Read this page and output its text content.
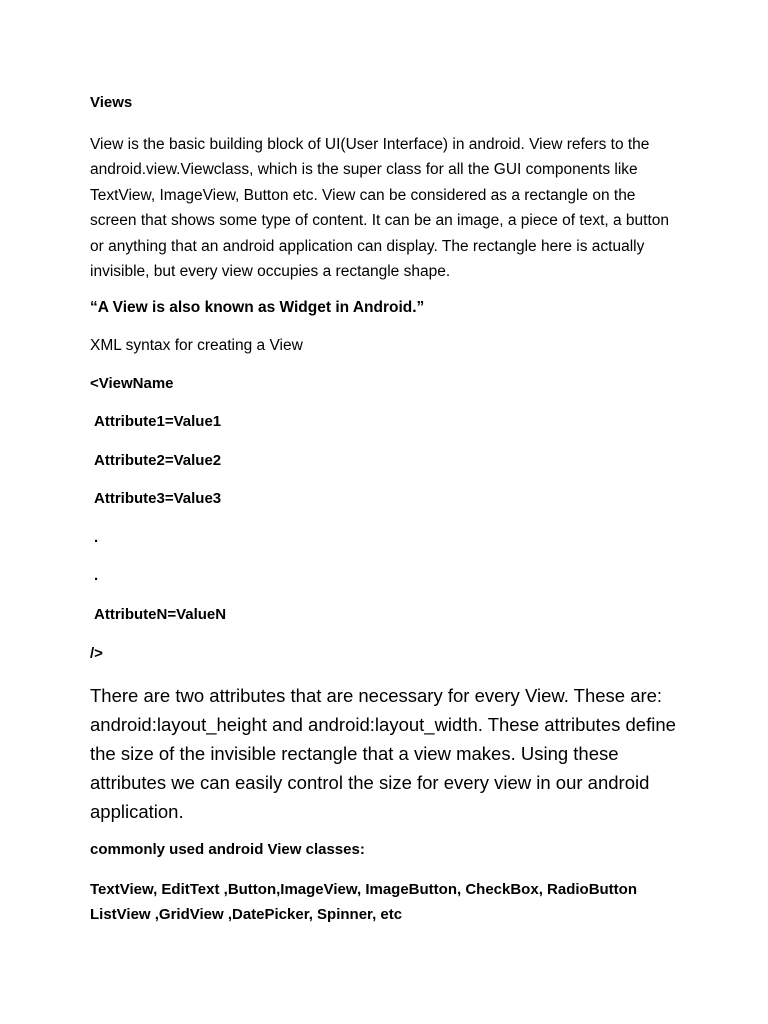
Views

View is the basic building block of UI(User Interface) in android. View refers to the android.view.Viewclass, which is the super class for all the GUI components like TextView, ImageView, Button etc. View can be considered as a rectangle on the screen that shows some type of content. It can be an image, a piece of text, a button or anything that an android application can display. The rectangle here is actually invisible, but every view occupies a rectangle shape.

“A View is also known as Widget in Android.”

XML syntax for creating a View

<ViewName

Attribute1=Value1

Attribute2=Value2

Attribute3=Value3

.

.

AttributeN=ValueN

/>

There are two attributes that are necessary for every View. These are: android:layout_height and android:layout_width. These attributes define the size of the invisible rectangle that a view makes. Using these attributes we can easily control the size for every view in our android application.

commonly used android View classes:

TextView, EditText ,Button,ImageView, ImageButton, CheckBox, RadioButton ListView ,GridView ,DatePicker, Spinner, etc
